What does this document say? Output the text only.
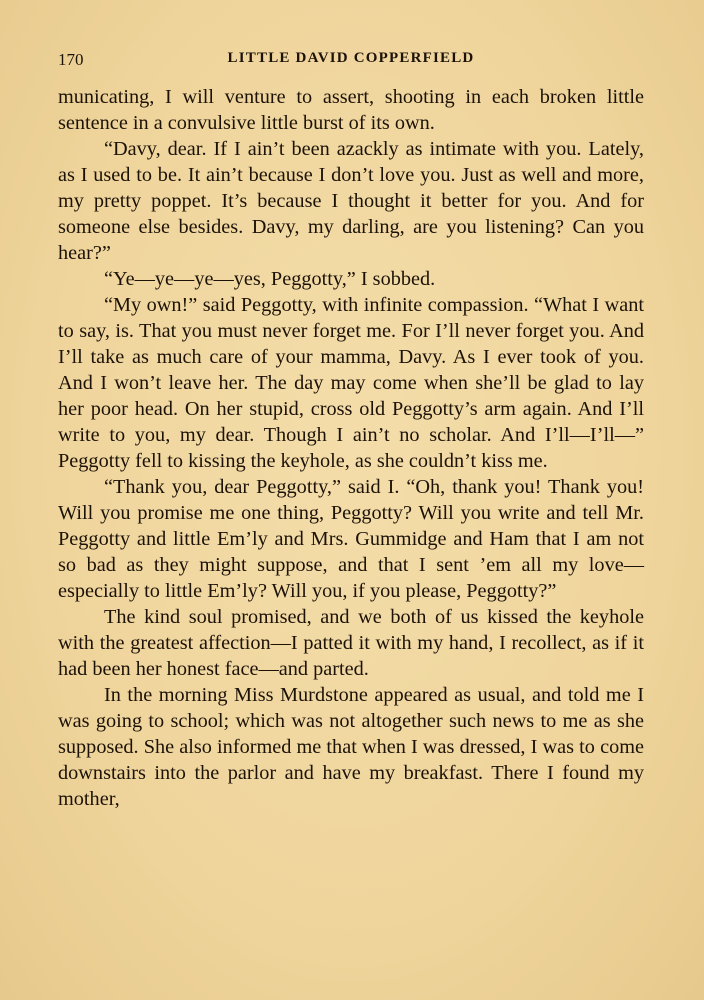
170	LITTLE DAVID COPPERFIELD

municating, I will venture to assert, shooting in each broken little sentence in a convulsive little burst of its own.

“Davy, dear. If I ain’t been azackly as intimate with you. Lately, as I used to be. It ain’t because I don’t love you. Just as well and more, my pretty poppet. It’s because I thought it better for you. And for someone else besides. Davy, my darling, are you listening? Can you hear?”

“Ye—ye—ye—yes, Peggotty,” I sobbed.

“My own!” said Peggotty, with infinite compassion. “What I want to say, is. That you must never forget me. For I’ll never forget you. And I’ll take as much care of your mamma, Davy. As I ever took of you. And I won’t leave her. The day may come when she’ll be glad to lay her poor head. On her stupid, cross old Peggotty’s arm again. And I’ll write to you, my dear. Though I ain’t no scholar. And I’ll—I’ll—” Peggotty fell to kissing the keyhole, as she couldn’t kiss me.

“Thank you, dear Peggotty,” said I. “Oh, thank you! Thank you! Will you promise me one thing, Peggotty? Will you write and tell Mr. Peggotty and little Em’ly and Mrs. Gummidge and Ham that I am not so bad as they might suppose, and that I sent ’em all my love—especially to little Em’ly? Will you, if you please, Peggotty?”

The kind soul promised, and we both of us kissed the keyhole with the greatest affection—I patted it with my hand, I recollect, as if it had been her honest face—and parted.

In the morning Miss Murdstone appeared as usual, and told me I was going to school; which was not altogether such news to me as she supposed. She also informed me that when I was dressed, I was to come downstairs into the parlor and have my breakfast. There I found my mother,
